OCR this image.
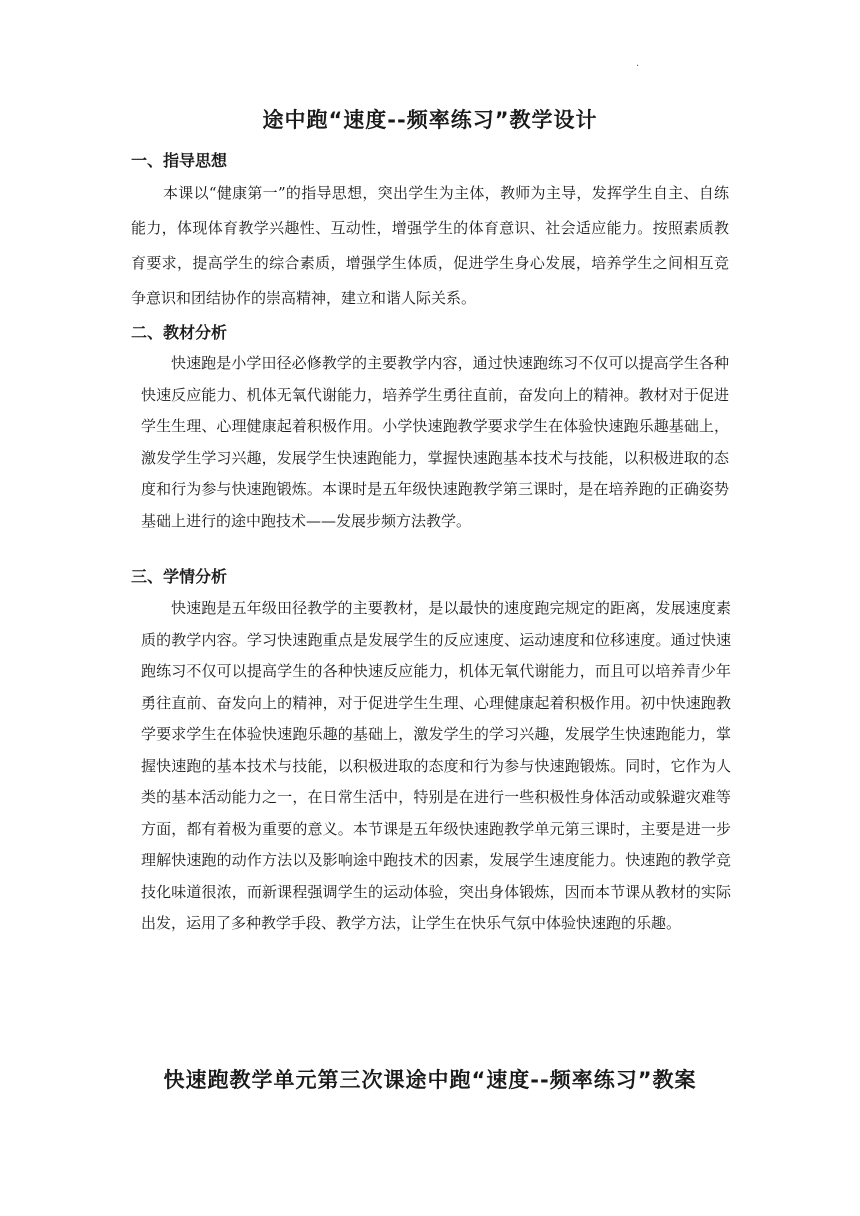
.
途中跑“速度--频率练习”教学设计
一、指导思想

本课以“健康第一”的指导思想，突出学生为主体，教师为主导，发挥学生自主、自练能力，体现体育教学兴趣性、互动性，增强学生的体育意识、社会适应能力。按照素质教育要求，提高学生的综合素质，增强学生体质，促进学生身心发展，培养学生之间相互竞争意识和团结协作的崇高精神，建立和谐人际关系。

二、教材分析

快速跑是小学田径必修教学的主要教学内容，通过快速跑练习不仅可以提高学生各种快速反应能力、机体无氧代谢能力，培养学生勇往直前，奋发向上的精神。教材对于促进学生生理、心理健康起着积极作用。小学快速跑教学要求学生在体验快速跑乐趣基础上，激发学生学习兴趣，发展学生快速跑能力，掌握快速跑基本技术与技能，以积极进取的态度和行为参与快速跑锻炼。本课时是五年级快速跑教学第三课时，是在培养跑的正确姿势基础上进行的途中跑技术——发展步频方法教学。

三、学情分析

快速跑是五年级田径教学的主要教材，是以最快的速度跑完规定的距离，发展速度素质的教学内容。学习快速跑重点是发展学生的反应速度、运动速度和位移速度。通过快速跑练习不仅可以提高学生的各种快速反应能力，机体无氧代谢能力，而且可以培养青少年勇往直前、奋发向上的精神，对于促进学生生理、心理健康起着积极作用。初中快速跑教学要求学生在体验快速跑乐趣的基础上，激发学生的学习兴趣，发展学生快速跑能力，掌握快速跑的基本技术与技能，以积极进取的态度和行为参与快速跑锻炼。同时，它作为人类的基本活动能力之一，在日常生活中，特别是在进行一些积极性身体活动或躲避灾难等方面，都有着极为重要的意义。本节课是五年级快速跑教学单元第三课时，主要是进一步理解快速跑的动作方法以及影响途中跑技术的因素，发展学生速度能力。快速跑的教学竞技化味道很浓，而新课程强调学生的运动体验，突出身体锻炼，因而本节课从教材的实际出发，运用了多种教学手段、教学方法，让学生在快乐气氛中体验快速跑的乐趣。

快速跑教学单元第三次课途中跑“速度--频率练习”教案
